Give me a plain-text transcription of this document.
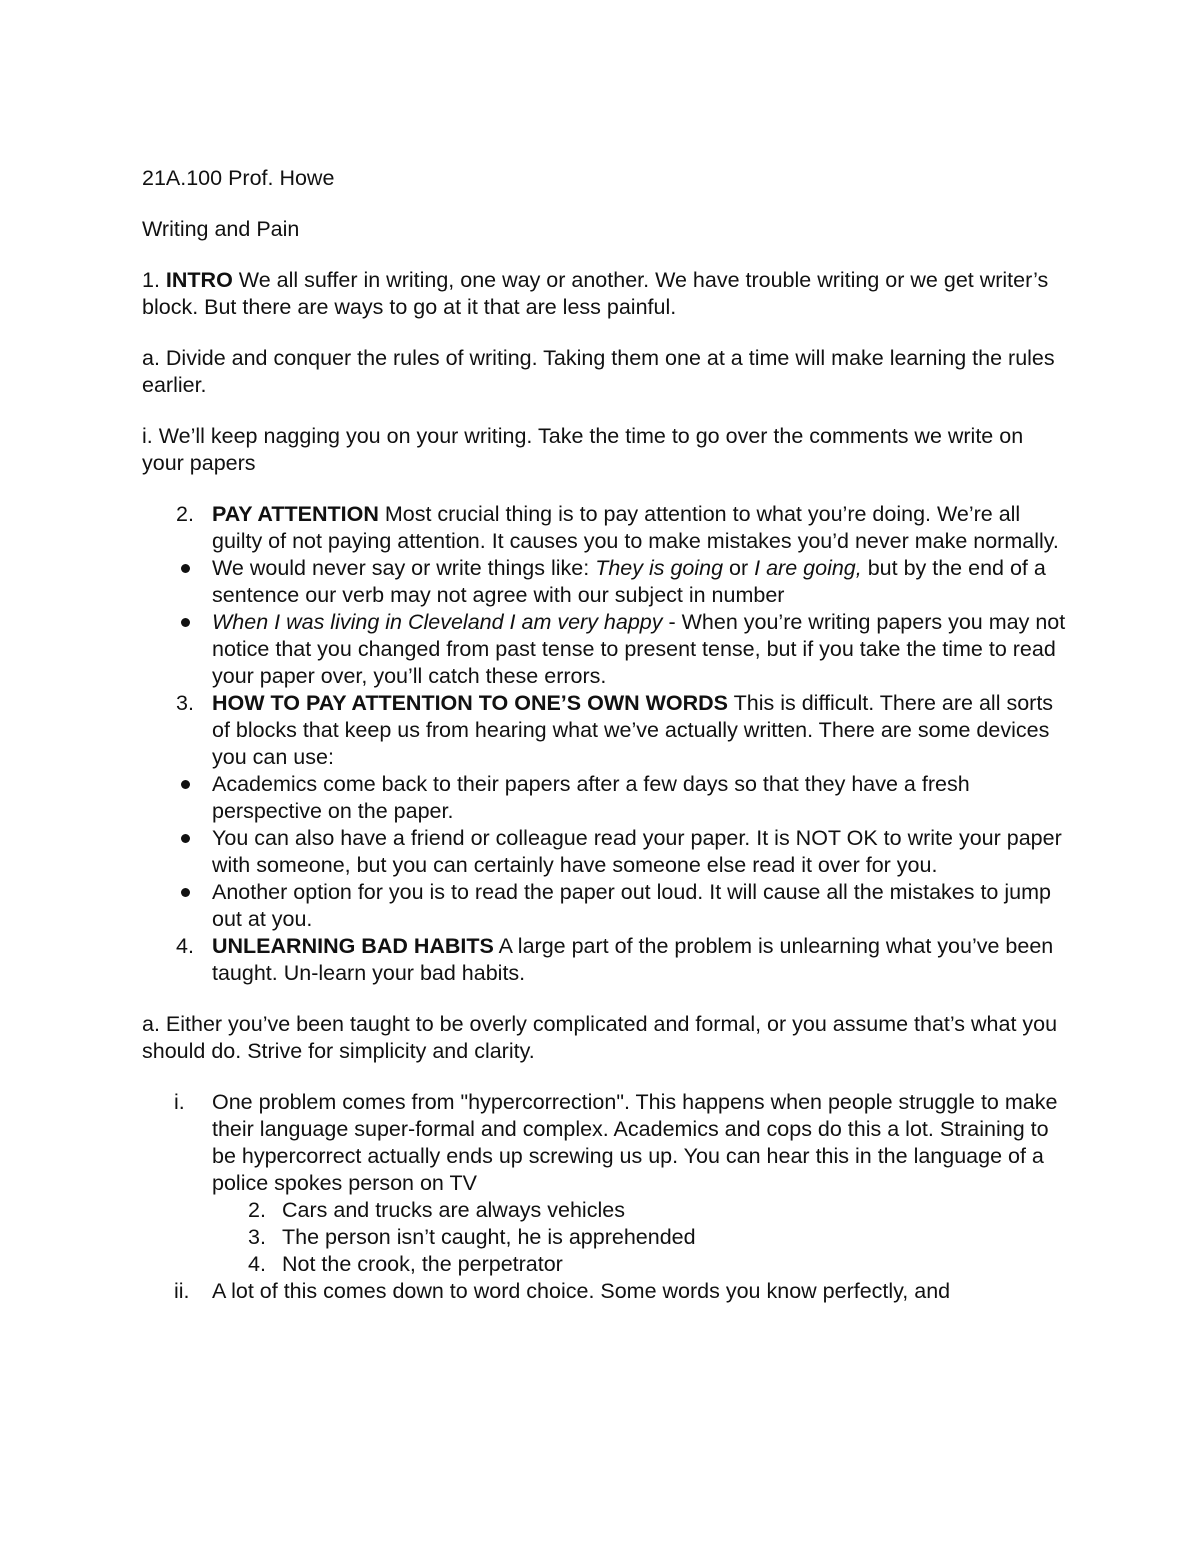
21A.100 Prof. Howe

Writing and Pain

1. INTRO We all suffer in writing, one way or another. We have trouble writing or we get writer’s block. But there are ways to go at it that are less painful.

a. Divide and conquer the rules of writing. Taking them one at a time will make learning the rules earlier.

i. We’ll keep nagging you on your writing. Take the time to go over the comments we write on your papers

2. PAY ATTENTION Most crucial thing is to pay attention to what you’re doing. We’re all guilty of not paying attention. It causes you to make mistakes you’d never make normally.
We would never say or write things like: They is going or I are going, but by the end of a sentence our verb may not agree with our subject in number
When I was living in Cleveland I am very happy - When you’re writing papers you may not notice that you changed from past tense to present tense, but if you take the time to read your paper over, you’ll catch these errors.
3. HOW TO PAY ATTENTION TO ONE’S OWN WORDS This is difficult. There are all sorts of blocks that keep us from hearing what we’ve actually written. There are some devices you can use:
Academics come back to their papers after a few days so that they have a fresh perspective on the paper.
You can also have a friend or colleague read your paper. It is NOT OK to write your paper with someone, but you can certainly have someone else read it over for you.
Another option for you is to read the paper out loud. It will cause all the mistakes to jump out at you.
4. UNLEARNING BAD HABITS A large part of the problem is unlearning what you’ve been taught. Un-learn your bad habits.

a. Either you’ve been taught to be overly complicated and formal, or you assume that’s what you should do. Strive for simplicity and clarity.

i. One problem comes from "hypercorrection". This happens when people struggle to make their language super-formal and complex. Academics and cops do this a lot. Straining to be hypercorrect actually ends up screwing us up. You can hear this in the language of a police spokes person on TV
2. Cars and trucks are always vehicles
3. The person isn’t caught, he is apprehended
4. Not the crook, the perpetrator
ii. A lot of this comes down to word choice. Some words you know perfectly, and
